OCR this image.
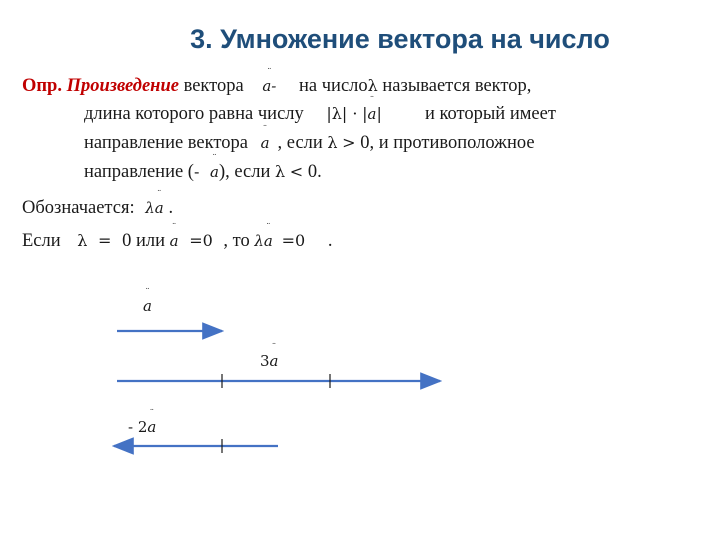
3. Умножение вектора на число
Опр. Произведение вектора
¨
a- на числоλ называется вектор,
длина которого равна числу |λ| · |
¨
a| и который имеет
направление вектора
¨
a , если λ > 0, и противоположное
направление (-
¨
a), если λ < 0.
Обозначается: λ
¨
a .
Если λ = 0 или
¨
a =0 , то λ
¨
a =0 .
¨
a
3
¨
a
- 2
¨
a
